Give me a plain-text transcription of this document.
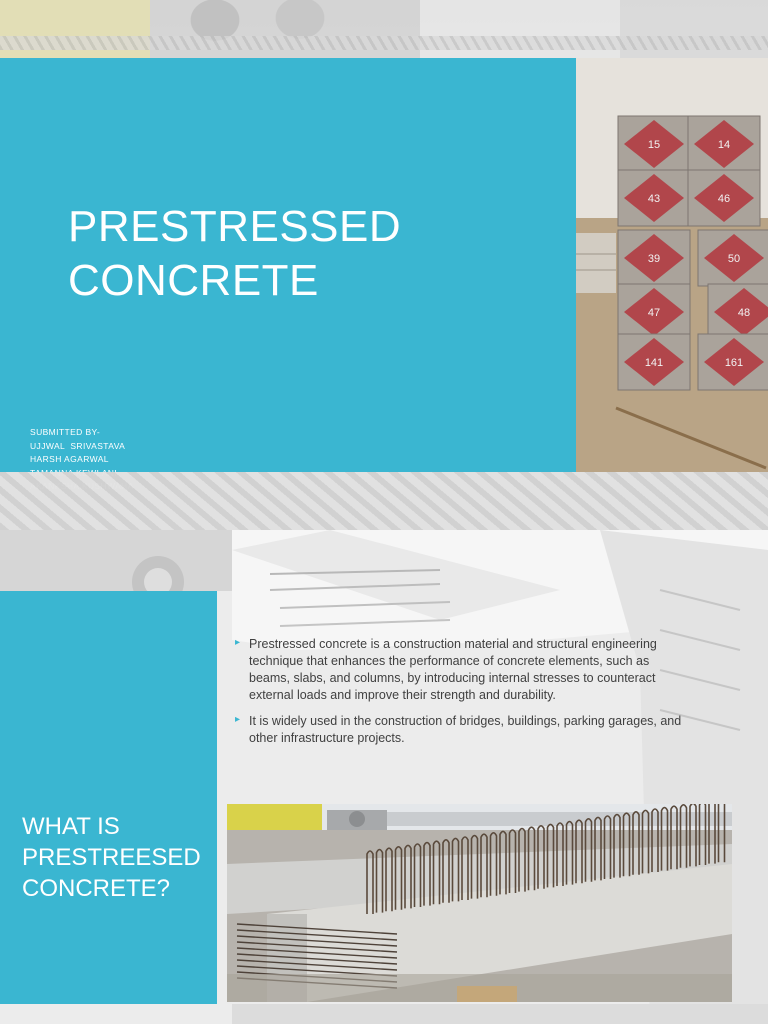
PRESTRESSED
CONCRETE
SUBMITTED BY-
UJJWAL  SRIVASTAVA
HARSH AGARWAL
15	14
43	46
39	50
47	48
141	161
WHAT IS
PRESTREESED
CONCRETE?
▸ Prestressed concrete is a construction material and structural engineering technique that enhances the performance of concrete elements, such as beams, slabs, and columns, by introducing internal stresses to counteract external loads and improve their strength and durability.
▸ It is widely used in the construction of bridges, buildings, parking garages, and other infrastructure projects.
